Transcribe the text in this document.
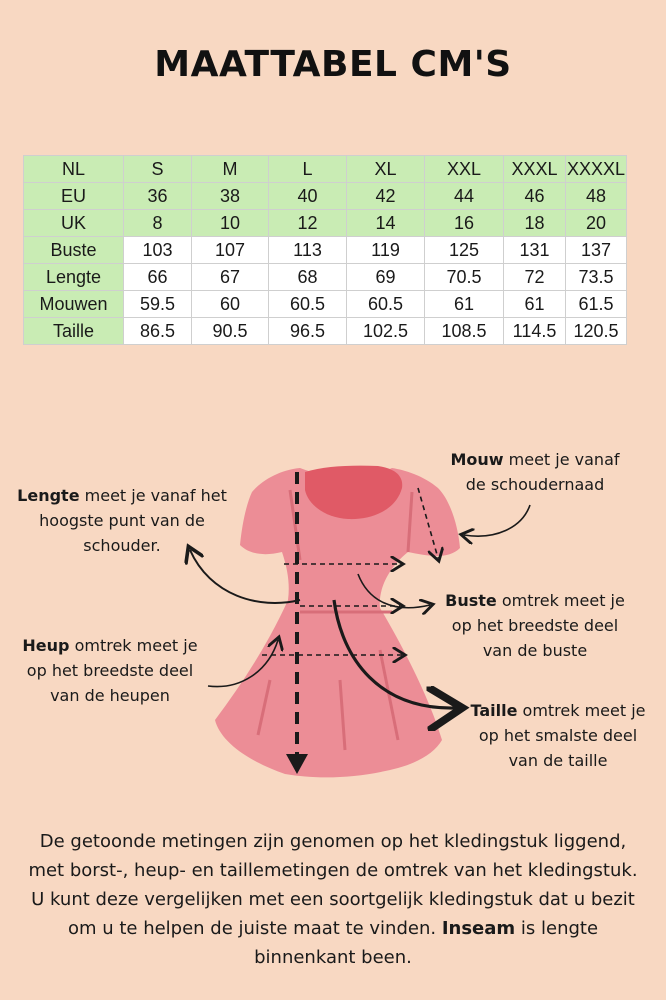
MAATTABEL CM'S
NL	S	M	L	XL	XXL	XXXL	XXXXL
EU	36	38	40	42	44	46	48
UK	8	10	12	14	16	18	20
Buste	103	107	113	119	125	131	137
Lengte	66	67	68	69	70.5	72	73.5
Mouwen	59.5	60	60.5	60.5	61	61	61.5
Taille	86.5	90.5	96.5	102.5	108.5	114.5	120.5
Lengte meet je vanaf het
hoogste punt van de
schouder.
Mouw meet je vanaf
de schoudernaad
Buste omtrek meet je
op het breedste deel
van de buste
Heup omtrek meet je
op het breedste deel
van de heupen
Taille omtrek meet je
op het smalste deel
van de taille
De getoonde metingen zijn genomen op het kledingstuk liggend, met borst-, heup- en taillemetingen de omtrek van het kledingstuk. U kunt deze vergelijken met een soortgelijk kledingstuk dat u bezit om u te helpen de juiste maat te vinden. Inseam is lengte binnenkant been.
